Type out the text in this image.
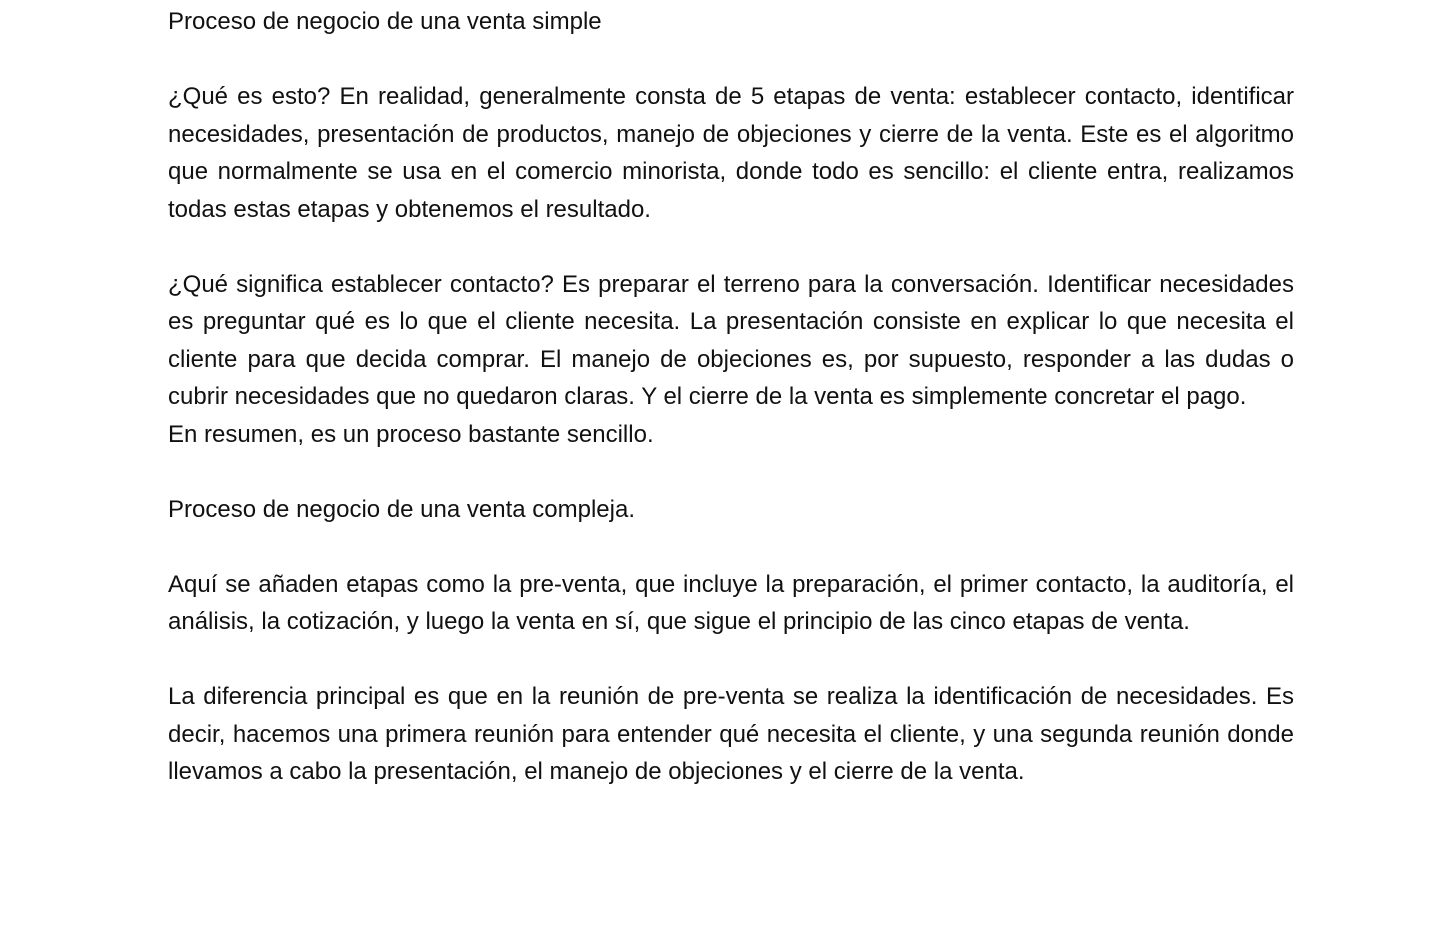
Proceso de negocio de una venta simple

¿Qué es esto? En realidad, generalmente consta de 5 etapas de venta: establecer contacto, identificar necesidades, presentación de productos, manejo de objeciones y cierre de la venta. Este es el algoritmo que normalmente se usa en el comercio minorista, donde todo es sencillo: el cliente entra, realizamos todas estas etapas y obtenemos el resultado.

¿Qué significa establecer contacto? Es preparar el terreno para la conversación. Identificar necesidades es preguntar qué es lo que el cliente necesita. La presentación consiste en explicar lo que necesita el cliente para que decida comprar. El manejo de objeciones es, por supuesto, responder a las dudas o cubrir necesidades que no quedaron claras. Y el cierre de la venta es simplemente concretar el pago.

En resumen, es un proceso bastante sencillo.

Proceso de negocio de una venta compleja.

Aquí se añaden etapas como la pre-venta, que incluye la preparación, el primer contacto, la auditoría, el análisis, la cotización, y luego la venta en sí, que sigue el principio de las cinco etapas de venta.

La diferencia principal es que en la reunión de pre-venta se realiza la identificación de necesidades. Es decir, hacemos una primera reunión para entender qué necesita el cliente, y una segunda reunión donde llevamos a cabo la presentación, el manejo de objeciones y el cierre de la venta.
